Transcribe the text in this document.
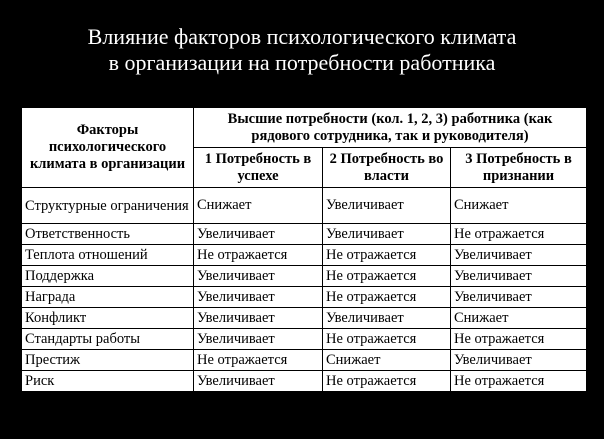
Влияние факторов психологического климата
в организации на потребности работника
Факторы психологического климата в организации	Высшие потребности (кол. 1, 2, 3) работника (как рядового сотрудника, так и руководителя)		
	1 Потребность в успехе	2 Потребность во власти	3 Потребность в признании
Структурные ограничения	Снижает	Увеличивает	Снижает
Ответственность	Увеличивает	Увеличивает	Не отражается
Теплота отношений	Не отражается	Не отражается	Увеличивает
Поддержка	Увеличивает	Не отражается	Увеличивает
Награда	Увеличивает	Не отражается	Увеличивает
Конфликт	Увеличивает	Увеличивает	Снижает
Стандарты работы	Увеличивает	Не отражается	Не отражается
Престиж	Не отражается	Снижает	Увеличивает
Риск	Увеличивает	Не отражается	Не отражается
